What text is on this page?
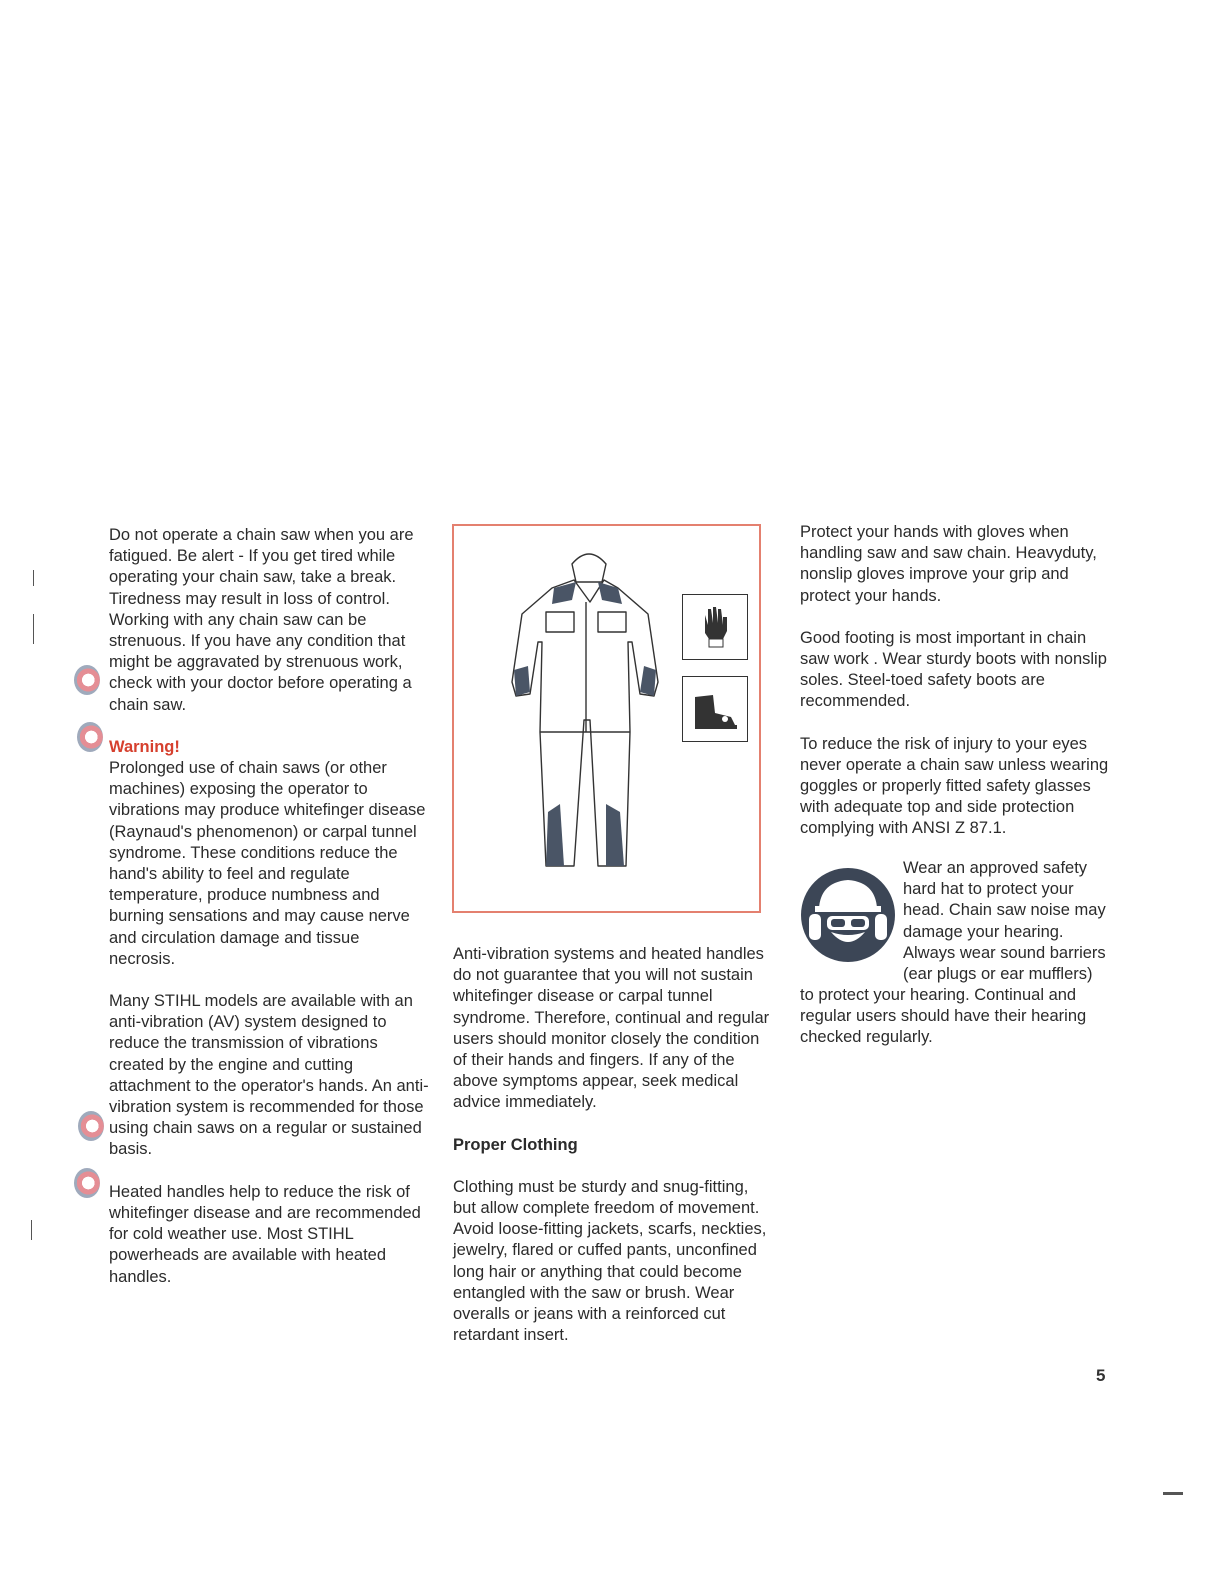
Do not operate a chain saw when you are fatigued. Be alert - If you get tired while operating your chain saw, take a break. Tiredness may result in loss of control. Working with any chain saw can be strenuous. If you have any condition that might be aggravated by strenuous work, check with your doctor before operating a chain saw.

Warning!
Prolonged use of chain saws (or other machines) exposing the operator to vibrations may produce whitefinger disease (Raynaud's phenomenon) or carpal tunnel syndrome. These conditions reduce the hand's ability to feel and regulate temperature, produce numbness and burning sensations and may cause nerve and circulation damage and tissue necrosis.

Many STIHL models are available with an anti-vibration (AV) system designed to reduce the transmission of vibrations created by the engine and cutting attachment to the operator's hands. An anti-vibration system is recommended for those using chain saws on a regular or sustained basis.

Heated handles help to reduce the risk of whitefinger disease and are recommended for cold weather use. Most STIHL powerheads are available with heated handles.

Anti-vibration systems and heated handles do not guarantee that you will not sustain whitefinger disease or carpal tunnel syndrome. Therefore, continual and regular users should monitor closely the condition of their hands and fingers. If any of the above symptoms appear, seek medical advice immediately.

Proper Clothing

Clothing must be sturdy and snug-fitting, but allow complete freedom of movement. Avoid loose-fitting jackets, scarfs, neckties, jewelry, flared or cuffed pants, unconfined long hair or anything that could become entangled with the saw or brush. Wear overalls or jeans with a reinforced cut retardant insert.

Protect your hands with gloves when handling saw and saw chain. Heavyduty, nonslip gloves improve your grip and protect your hands.

Good footing is most important in chain saw work . Wear sturdy boots with nonslip soles. Steel-toed safety boots are recommended.

To reduce the risk of injury to your eyes never operate a chain saw unless wearing goggles or properly fitted safety glasses with adequate top and side protection complying with ANSI Z 87.1.

Wear an approved safety hard hat to protect your head. Chain saw noise may damage your hearing. Always wear sound barriers (ear plugs or ear mufflers)
to protect your hearing. Continual and regular users should have their hearing checked regularly.
5
